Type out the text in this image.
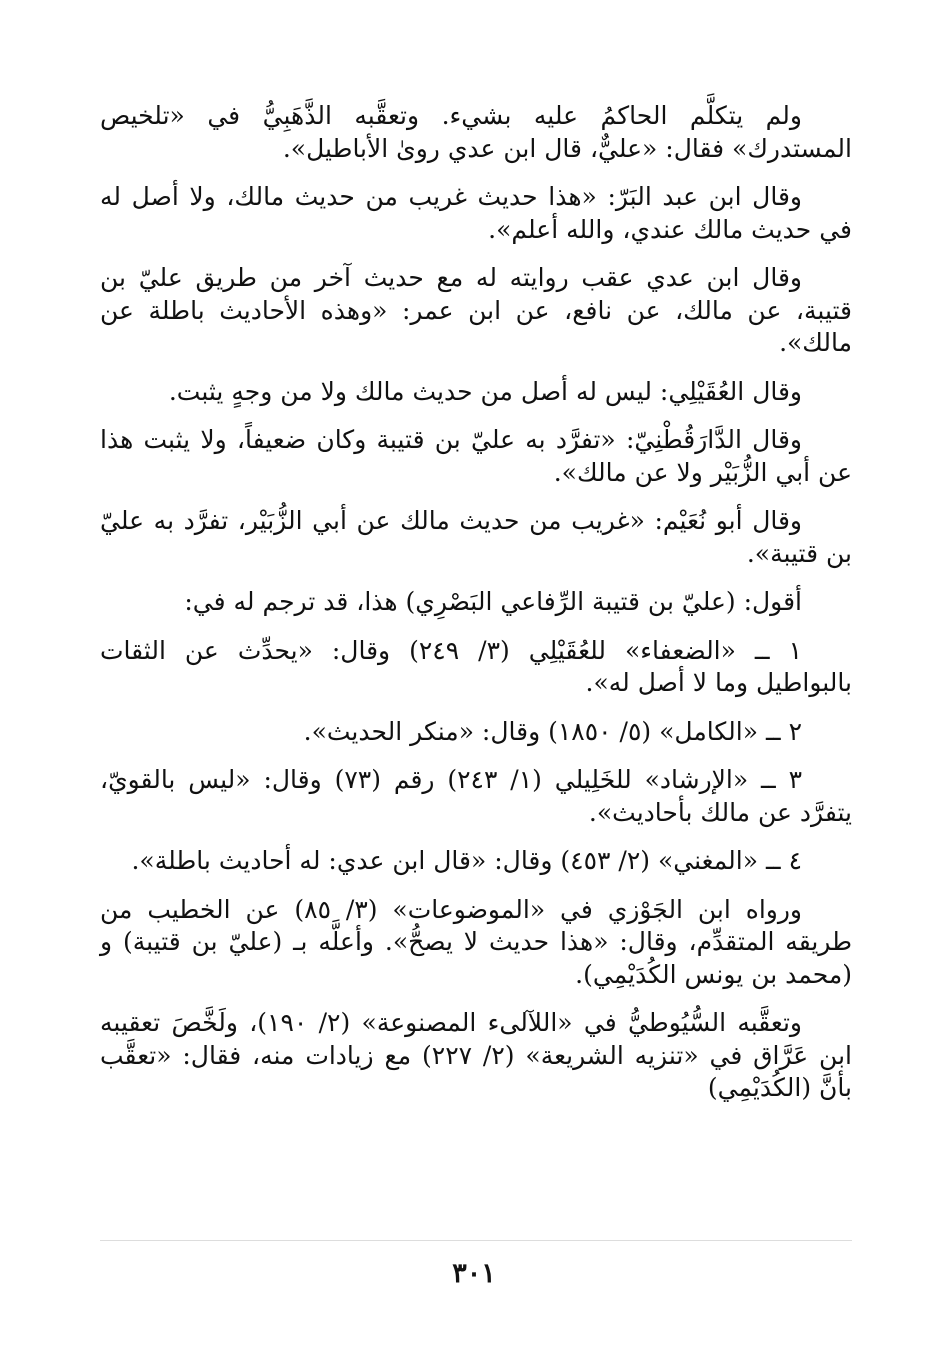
ولم يتكلَّم الحاكمُ عليه بشيء. وتعقَّبه الذَّهَبِيُّ في «تلخيص المستدرك» فقال: «عليٌّ، قال ابن عدي روىٰ الأباطيل».

وقال ابن عبد البَرّ: «هذا حديث غريب من حديث مالك، ولا أصل له في حديث مالك عندي، والله أعلم».

وقال ابن عدي عقب روايته له مع حديث آخر من طريق عليّ بن قتيبة، عن مالك، عن نافع، عن ابن عمر: «وهذه الأحاديث باطلة عن مالك».

وقال العُقَيْلِي: ليس له أصل من حديث مالك ولا من وجهٍ يثبت.

وقال الدَّارَقُطْنِيّ: «تفرَّد به عليّ بن قتيبة وكان ضعيفاً، ولا يثبت هذا عن أبي الزُّبَيْر ولا عن مالك».

وقال أبو نُعَيْم: «غريب من حديث مالك عن أبي الزُّبَيْر، تفرَّد به عليّ بن قتيبة».

أقول: (عليّ بن قتيبة الرِّفاعي البَصْرِي) هذا، قد ترجم له في:

١ ــ «الضعفاء» للعُقَيْلِي (٣/ ٢٤٩) وقال: «يحدِّث عن الثقات بالبواطيل وما لا أصل له».

٢ ــ «الكامل» (٥/ ١٨٥٠) وقال: «منكر الحديث».

٣ ــ «الإرشاد» للخَلِيلي (١/ ٢٤٣) رقم (٧٣) وقال: «ليس بالقويّ، يتفرَّد عن مالك بأحاديث».

٤ ــ «المغني» (٢/ ٤٥٣) وقال: «قال ابن عدي: له أحاديث باطلة».

ورواه ابن الجَوْزي في «الموضوعات» (٣/ ٨٥) عن الخطيب من طريقه المتقدِّم، وقال: «هذا حديث لا يصحُّ». وأعلَّه بـ (عليّ بن قتيبة) و (محمد بن يونس الكُدَيْمِي).

وتعقَّبه السُّيُوطيُّ في «اللآلىء المصنوعة» (٢/ ١٩٠)، ولَخَّصَ تعقيبه ابن عَرَّاق في «تنزيه الشريعة» (٢/ ٢٢٧) مع زيادات منه، فقال: «تعقَّب بأنَّ (الكُدَيْمِي)

٣٠١
